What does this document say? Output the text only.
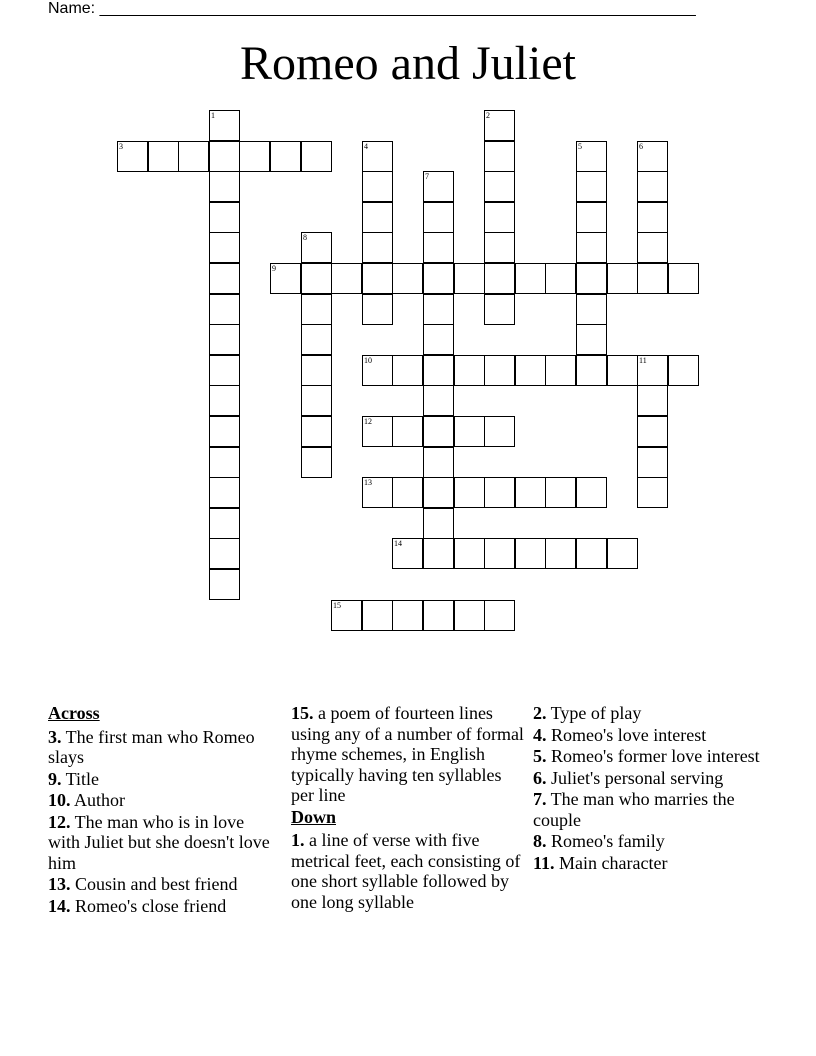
Name: ___________________________________________________________________
Romeo and Juliet
3
9
10	11
12
13
14
15
1	2
4	5	6
7
8
Across
3. The first man who Romeo slays
9. Title
10. Author
12. The man who is in love with Juliet but she doesn't love him
13. Cousin and best friend
14. Romeo's close friend
15. a poem of fourteen lines using any of a number of formal rhyme schemes, in English typically having ten syllables per line
Down
1. a line of verse with five metrical feet, each consisting of one short syllable followed by one long syllable
2. Type of play
4. Romeo's love interest
5. Romeo's former love interest
6. Juliet's personal serving
7. The man who marries the couple
8. Romeo's family
11. Main character
